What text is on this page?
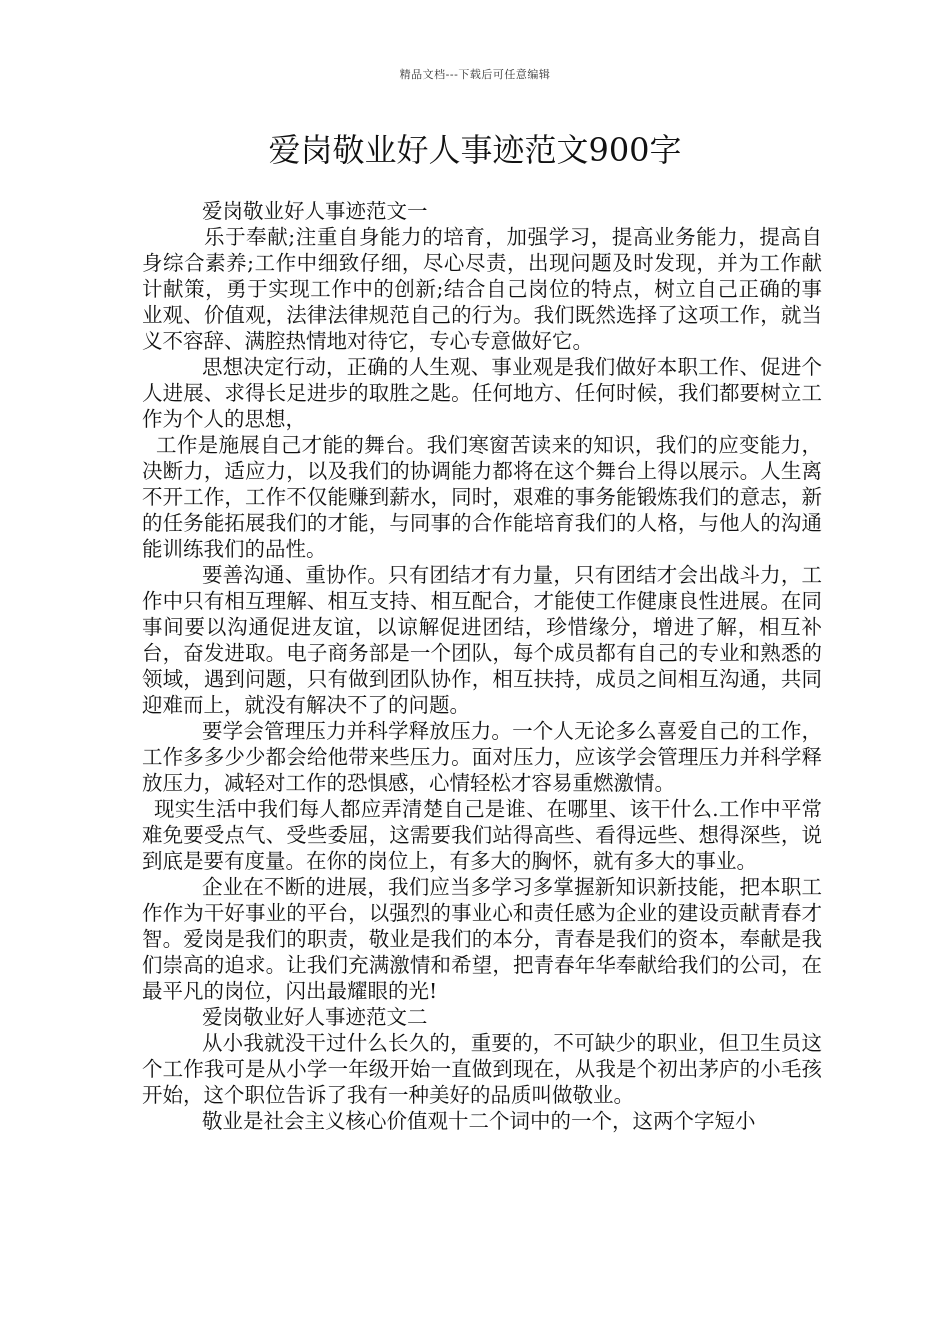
精品文档---下载后可任意编辑
爱岗敬业好人事迹范文900字

爱岗敬业好人事迹范文一

乐于奉献;注重自身能力的培育，加强学习，提高业务能力，提高自身综合素养;工作中细致仔细，尽心尽责，出现问题及时发现，并为工作献计献策，勇于实现工作中的创新;结合自己岗位的特点，树立自己正确的事业观、价值观，法律法律规范自己的行为。我们既然选择了这项工作，就当义不容辞、满腔热情地对待它，专心专意做好它。

思想决定行动，正确的人生观、事业观是我们做好本职工作、促进个人进展、求得长足进步的取胜之匙。任何地方、任何时候，我们都要树立工作为个人的思想，

工作是施展自己才能的舞台。我们寒窗苦读来的知识，我们的应变能力，决断力，适应力，以及我们的协调能力都将在这个舞台上得以展示。人生离不开工作，工作不仅能赚到薪水，同时，艰难的事务能锻炼我们的意志，新的任务能拓展我们的才能，与同事的合作能培育我们的人格，与他人的沟通能训练我们的品性。

要善沟通、重协作。只有团结才有力量，只有团结才会出战斗力，工作中只有相互理解、相互支持、相互配合，才能使工作健康良性进展。在同事间要以沟通促进友谊，以谅解促进团结，珍惜缘分，增进了解，相互补台，奋发进取。电子商务部是一个团队，每个成员都有自己的专业和熟悉的领域，遇到问题，只有做到团队协作，相互扶持，成员之间相互沟通，共同迎难而上，就没有解决不了的问题。

要学会管理压力并科学释放压力。一个人无论多么喜爱自己的工作，工作多多少少都会给他带来些压力。面对压力，应该学会管理压力并科学释放压力，减轻对工作的恐惧感，心情轻松才容易重燃激情。

现实生活中我们每人都应弄清楚自己是谁、在哪里、该干什么.工作中平常难免要受点气、受些委屈，这需要我们站得高些、看得远些、想得深些，说到底是要有度量。在你的岗位上，有多大的胸怀，就有多大的事业。

企业在不断的进展，我们应当多学习多掌握新知识新技能，把本职工作作为干好事业的平台，以强烈的事业心和责任感为企业的建设贡献青春才智。爱岗是我们的职责，敬业是我们的本分，青春是我们的资本，奉献是我们崇高的追求。让我们充满激情和希望，把青春年华奉献给我们的公司，在最平凡的岗位，闪出最耀眼的光!

爱岗敬业好人事迹范文二

从小我就没干过什么长久的，重要的，不可缺少的职业，但卫生员这个工作我可是从小学一年级开始一直做到现在，从我是个初出茅庐的小毛孩开始，这个职位告诉了我有一种美好的品质叫做敬业。

敬业是社会主义核心价值观十二个词中的一个，这两个字短小
